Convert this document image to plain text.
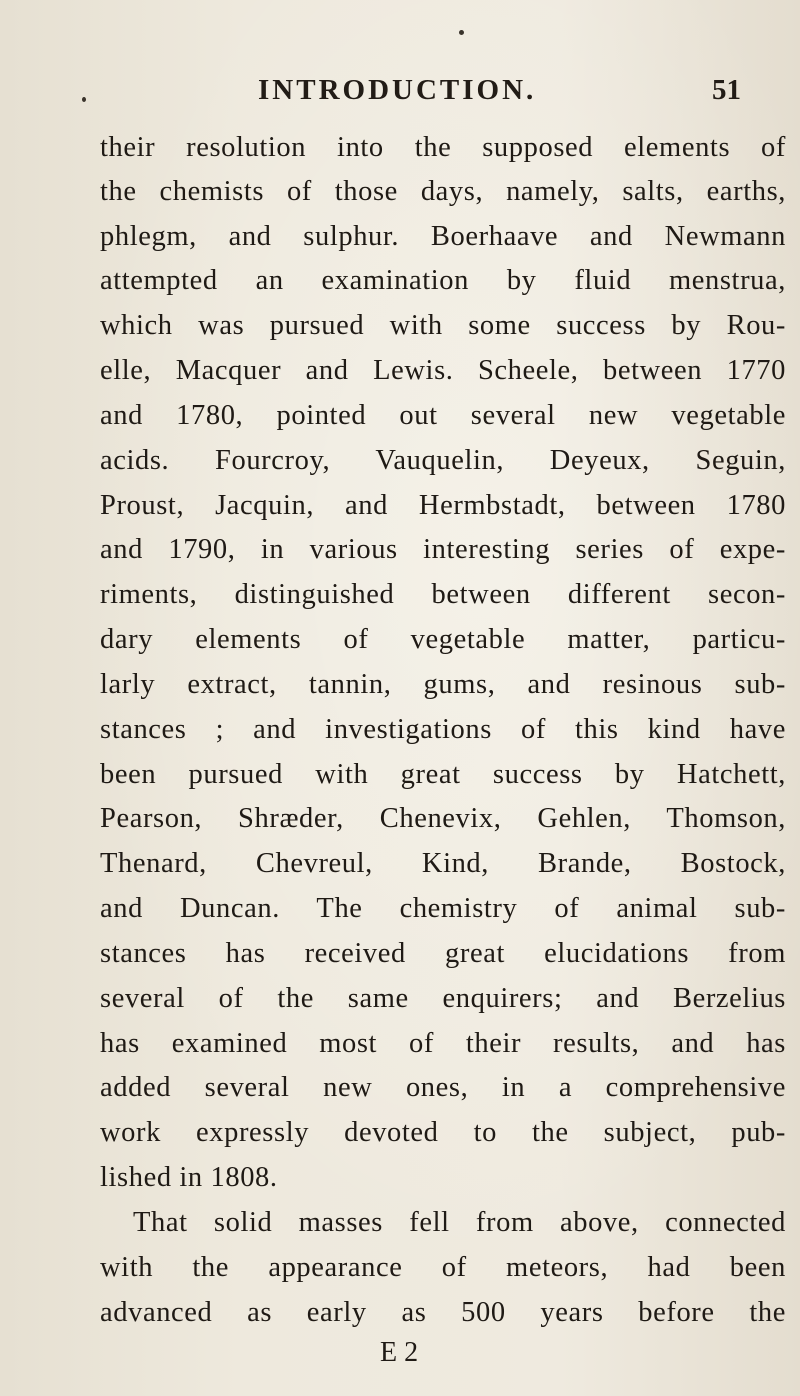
INTRODUCTION.	51
their resolution into the supposed elements of
the chemists of those days, namely, salts, earths,
phlegm, and sulphur. Boerhaave and Newmann
attempted an examination by fluid menstrua,
which was pursued with some success by Rou-
elle, Macquer and Lewis. Scheele, between 1770
and 1780, pointed out several new vegetable
acids. Fourcroy, Vauquelin, Deyeux, Seguin,
Proust, Jacquin, and Hermbstadt, between 1780
and 1790, in various interesting series of expe-
riments, distinguished between different secon-
dary elements of vegetable matter, particu-
larly extract, tannin, gums, and resinous sub-
stances ; and investigations of this kind have
been pursued with great success by Hatchett,
Pearson, Shræder, Chenevix, Gehlen, Thomson,
Thenard, Chevreul, Kind, Brande, Bostock,
and Duncan. The chemistry of animal sub-
stances has received great elucidations from
several of the same enquirers; and Berzelius
has examined most of their results, and has
added several new ones, in a comprehensive
work expressly devoted to the subject, pub-
lished in 1808.
That solid masses fell from above, connected
with the appearance of meteors, had been
advanced as early as 500 years before the
E 2
